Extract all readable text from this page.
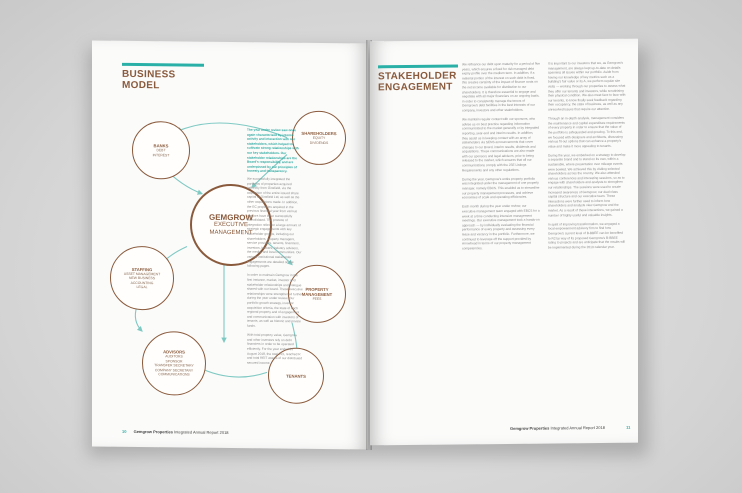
BUSINESS
MODEL
BANKS
DEBT
INTEREST
SHAREHOLDERS
EQUITY
DIVIDENDS
GEMGROW
EXECUTIVE
MANAGEMENT
STAFFING
ASSET MANAGEMENT
NEW BUSINESS
ACCOUNTING
LEGAL	PROPERTY MANAGEMENT
FEES
ADVISORS
AUDITORS
SPONSOR
TRANSFER SECRETARY
COMPANY SECRETARY
COMMUNICATIONS	TENANTS
10 Gemgrow Properties Integrated Annual Report 2018
The year under review saw once again characterised by intense activity and interaction with our stakeholders, which helped to cultivate strong relationships with our key stakeholders. Our stakeholder relationships are the Board's responsibility, and are underpinned by our principles of honesty and transparency.
We successfully integrated the portfolios of properties acquired indirectly from Ginsfield, via the acquisition of the entire issued share capital of Ginsfield Ltd, as well as the other acquisitions made. In addition, the EC properties acquired in the previous financial year from various vendors have been successfully consolidated. The process of integration relied on a large amount of strategic engagements with key stakeholder groups, including our shareholders, property managers, service providers, tenants, financiers, investors, brokers, industry advisors, the media, and local communities. Our various institutional stakeholder engagements are detailed on the following pages.

In order to maintain Gemgrow in the first instance, market, investor and stakeholder relationships and dialogue shared with our board. These executive relationships were strengthened further during the year under review. Our portfolio growth strategy, investor acquisition criteria, the state of each regional property and of engagement and communication with investors of tenants, as well as historic and private funds.

With total property value, Gemgrow and other investors rely on debt financiers in order to be operated efficiently. For the year ended 31 August 2018, the total ECL reached R and total REIT assets of our distributed secured income.
STAKEHOLDER
ENGAGEMENT
We refinance our debt upon maturity for a period of five years, which ensures a fixed for risk managed debt expiry profile over the medium term. In addition, if a material portion of the interest on such debt is fixed, this creates certainty of the impact of finance costs on the net income available for distribution to our shareholders. It is therefore essential to engage and negotiate with all major financiers on an ongoing basis, in order to consistently manage the tenors of Gemgrow's debt facilities in the best interests of our company, investors and other stakeholders.

We maintain regular contact with our sponsors, who advise us on best practice regarding information communicated to the market generally or by integrated reporting, year-end and interim results. In addition, they assist us in keeping contact with an array of stakeholders via SENS announcements that cover changes to our Board, interim results, dividends and acquisitions. These communications are also made with our sponsors and legal advisors, prior to being released to the market, which ensures that all our communications comply with the JSE Listings Requirements and any other regulations.

During the year, Gemgrow's entire property portfolio was integrated under the management of one property manager, namely EBCS. This enabled us to streamline our property management processes, and achieve economies of scale and operating efficiencies.

Each month during the year under review, our executive management team engaged with EBCS for a week at a time conducting intensive management meetings. Our executive management took a hands-on approach — by individually evaluating the financial performance of every property and assessing every lease and vacancy in the portfolio. Furthermore, we continued to leverage off the support provided by Arrowhead in terms of our property management competencies.
It is important to our investors that we, as Gemgrow's management, are always kept up-to-date on details spanning all issues within our portfolio. Aside from having our knowledge of key metrics such as a building's fair value or its A, we perform regular site visits — working through our properties to assess what they offer our tenants and investors, while scrutinising their physical condition. We also meet face to face with our tenants, to know finally seek feedback regarding their occupancy, the state of business, as well as any unresolved issues that require our attention.

Through an in-depth analysis, management considers the maintenance and capital expenditure requirements of every property in order to ensure that the value of the portfolio is safeguarded and growing. To this end, we focused with designers and architects, discussing various fit-out options that can enhance a property's value and make it more appealing to tenants.

During the year, we embarked on a strategy to develop a separate brand and to stand on its own, within a sustainable, where presentation over mileage events were bowled. We achieved this by visiting selected shareholders across the country. We also attended various conferences and interesting sessions, so as to engage with shareholders and analysts to strengthen our relationships. The sessions were used to create increased awareness of Gemgrow, our dual-class capital structure and our executive team. These interactions were further used to inform how shareholders and analysts view Gemgrow and the market. As a result of these interactions, we gained a number of highly useful and valuable insights.

In spirit of improving transformation, we engaged a local empowerment advisory firm to find how Gemgrow's current level of B-BBEE can be benefited to R2 by way of its proposed Gemgrow's B-BBEE rating to projects and are anticipate that the results will be implemented during the 2019 calendar year.
Gemgrow Properties Integrated Annual Report 2018	11
